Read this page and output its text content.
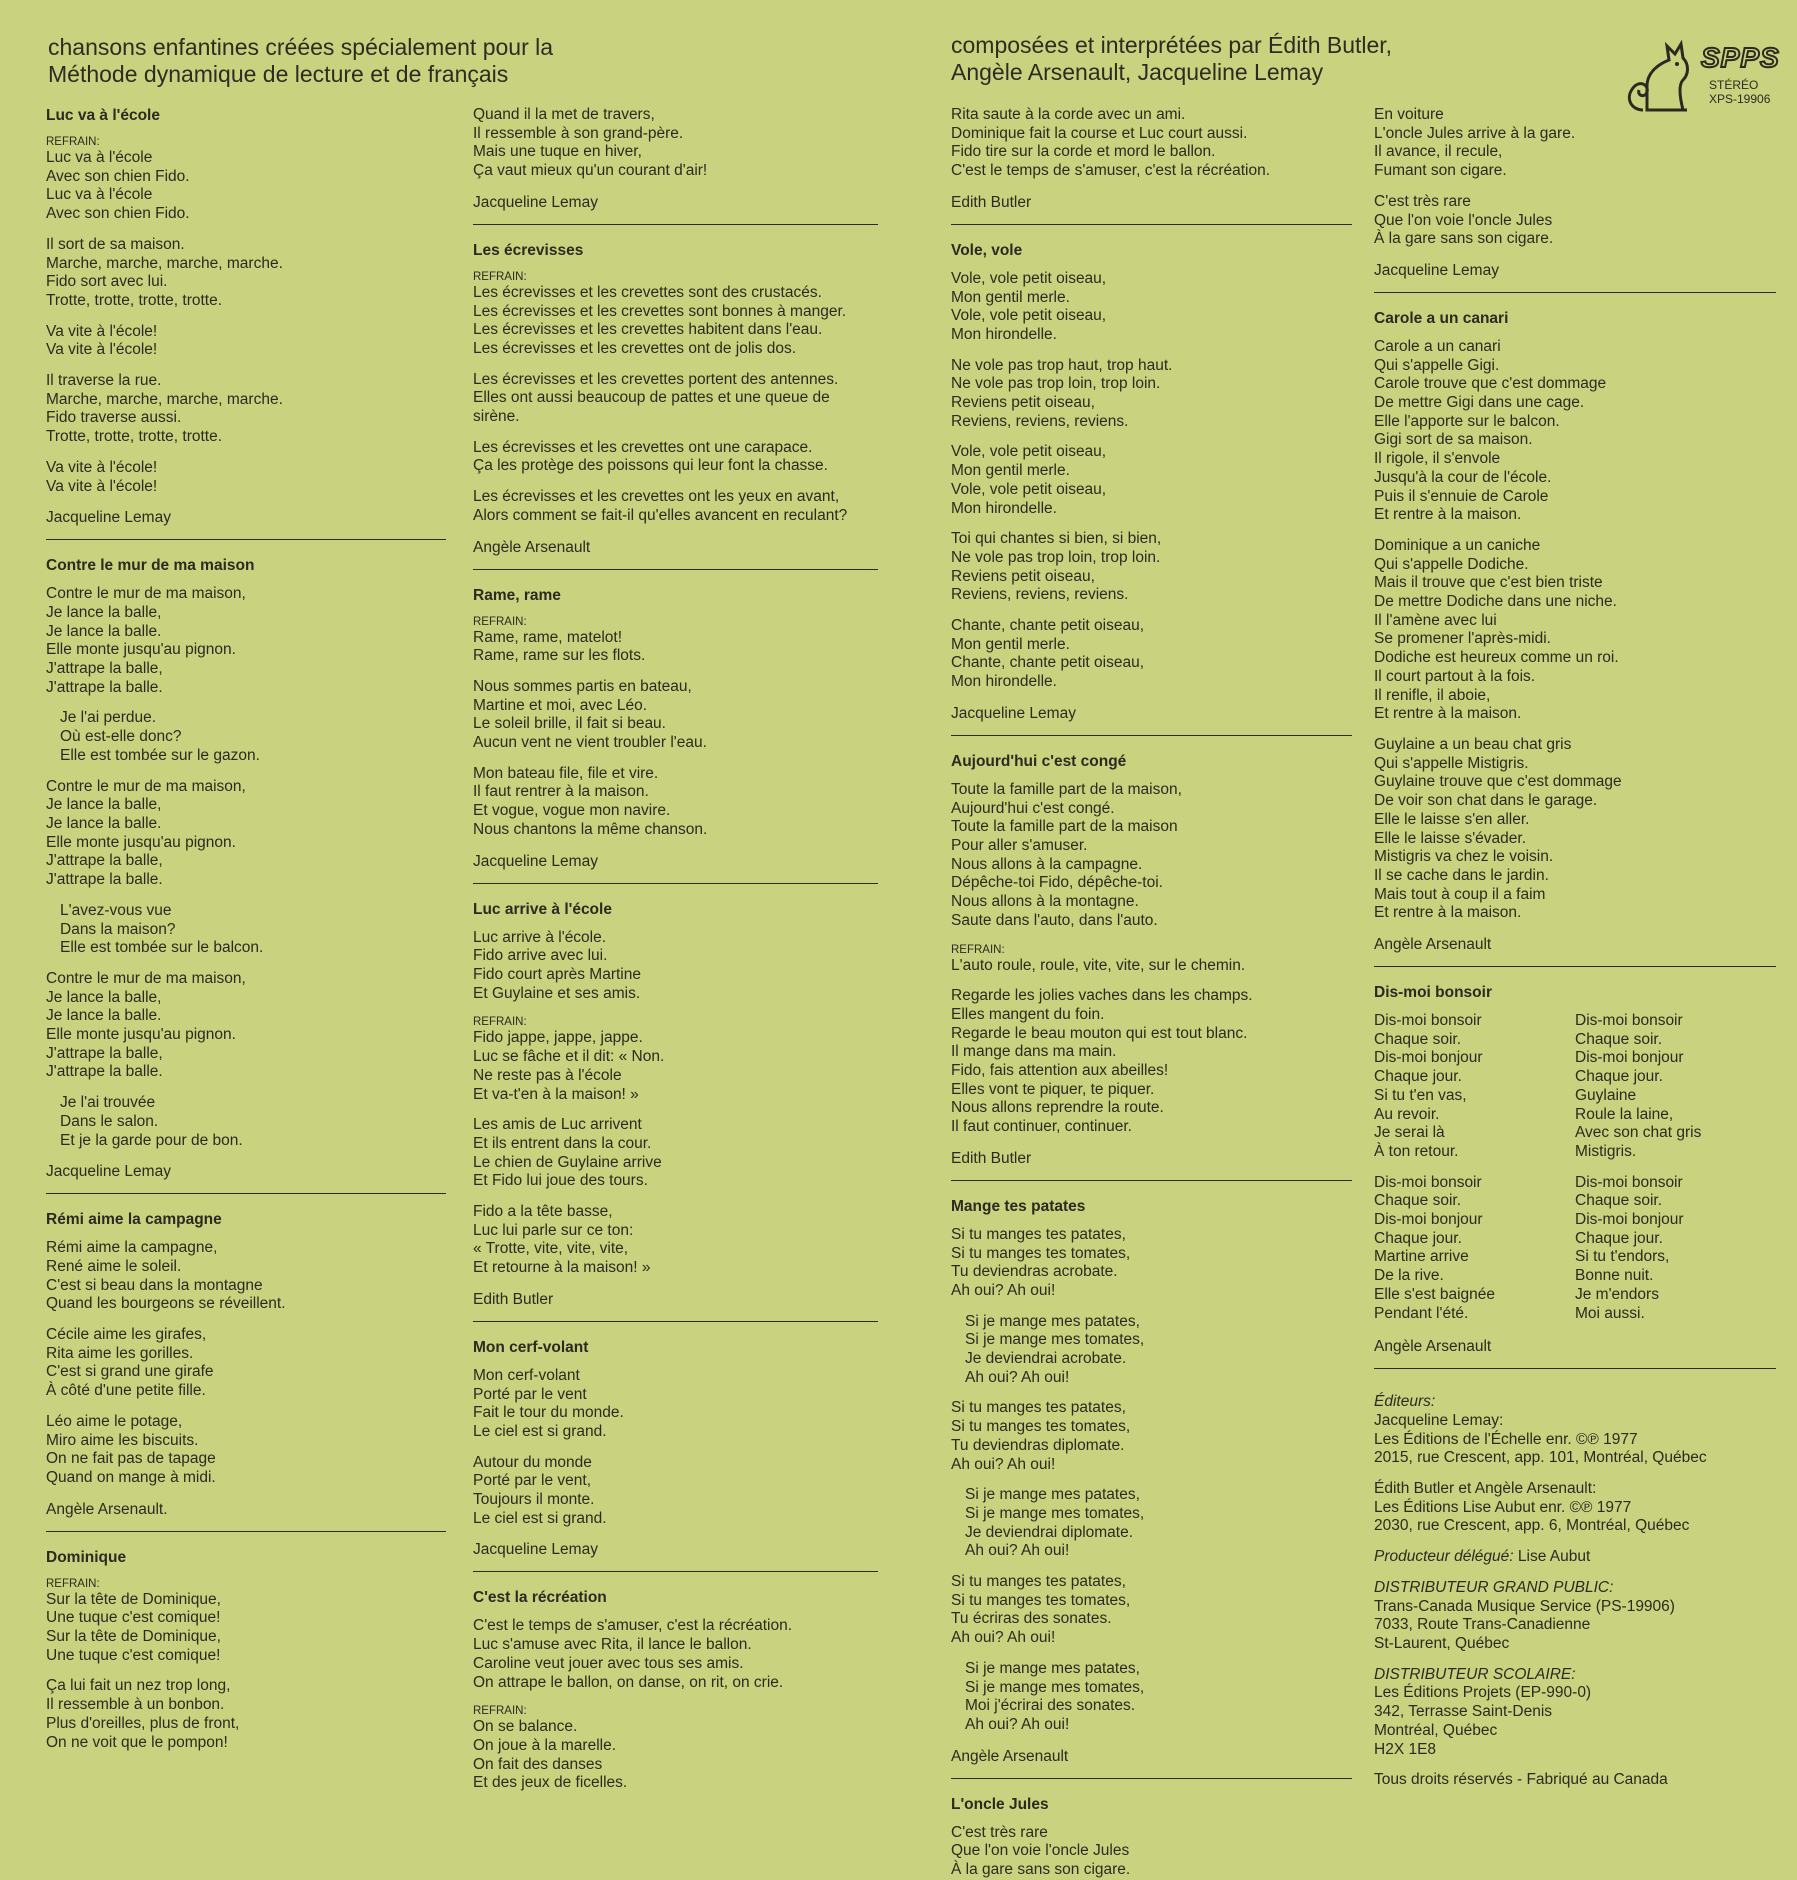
chansons enfantines créées spécialement pour la
Méthode dynamique de lecture et de français
composées et interprétées par Édith Butler,
Angèle Arsenault, Jacqueline Lemay	SPPS
STÉRÉO
XPS-19906
Luc va à l'école
REFRAIN:
Luc va à l'école
Avec son chien Fido.
Luc va à l'école
Avec son chien Fido.
Il sort de sa maison.
Marche, marche, marche, marche.
Fido sort avec lui.
Trotte, trotte, trotte, trotte.
Va vite à l'école!
Va vite à l'école!
Il traverse la rue.
Marche, marche, marche, marche.
Fido traverse aussi.
Trotte, trotte, trotte, trotte.
Va vite à l'école!
Va vite à l'école!
Jacqueline Lemay
Contre le mur de ma maison
Contre le mur de ma maison,
Je lance la balle,
Je lance la balle.
Elle monte jusqu'au pignon.
J'attrape la balle,
J'attrape la balle.
Je l'ai perdue.
Où est-elle donc?
Elle est tombée sur le gazon.
Contre le mur de ma maison,
Je lance la balle,
Je lance la balle.
Elle monte jusqu'au pignon.
J'attrape la balle,
J'attrape la balle.
L'avez-vous vue
Dans la maison?
Elle est tombée sur le balcon.
Contre le mur de ma maison,
Je lance la balle,
Je lance la balle.
Elle monte jusqu'au pignon.
J'attrape la balle,
J'attrape la balle.
Je l'ai trouvée
Dans le salon.
Et je la garde pour de bon.
Jacqueline Lemay
Rémi aime la campagne
Rémi aime la campagne,
René aime le soleil.
C'est si beau dans la montagne
Quand les bourgeons se réveillent.
Cécile aime les girafes,
Rita aime les gorilles.
C'est si grand une girafe
À côté d'une petite fille.
Léo aime le potage,
Miro aime les biscuits.
On ne fait pas de tapage
Quand on mange à midi.
Angèle Arsenault.
Dominique
REFRAIN:
Sur la tête de Dominique,
Une tuque c'est comique!
Sur la tête de Dominique,
Une tuque c'est comique!
Ça lui fait un nez trop long,
Il ressemble à un bonbon.
Plus d'oreilles, plus de front,
On ne voit que le pompon!
Quand il la met de travers,
Il ressemble à son grand-père.
Mais une tuque en hiver,
Ça vaut mieux qu'un courant d'air!
Jacqueline Lemay
Les écrevisses
REFRAIN:
Les écrevisses et les crevettes sont des crustacés.
Les écrevisses et les crevettes sont bonnes à manger.
Les écrevisses et les crevettes habitent dans l'eau.
Les écrevisses et les crevettes ont de jolis dos.
Les écrevisses et les crevettes portent des antennes.
Elles ont aussi beaucoup de pattes et une queue de
sirène.
Les écrevisses et les crevettes ont une carapace.
Ça les protège des poissons qui leur font la chasse.
Les écrevisses et les crevettes ont les yeux en avant,
Alors comment se fait-il qu'elles avancent en reculant?
Angèle Arsenault
Rame, rame
REFRAIN:
Rame, rame, matelot!
Rame, rame sur les flots.
Nous sommes partis en bateau,
Martine et moi, avec Léo.
Le soleil brille, il fait si beau.
Aucun vent ne vient troubler l'eau.
Mon bateau file, file et vire.
Il faut rentrer à la maison.
Et vogue, vogue mon navire.
Nous chantons la même chanson.
Jacqueline Lemay
Luc arrive à l'école
Luc arrive à l'école.
Fido arrive avec lui.
Fido court après Martine
Et Guylaine et ses amis.
REFRAIN:
Fido jappe, jappe, jappe.
Luc se fâche et il dit: « Non.
Ne reste pas à l'école
Et va-t'en à la maison! »
Les amis de Luc arrivent
Et ils entrent dans la cour.
Le chien de Guylaine arrive
Et Fido lui joue des tours.
Fido a la tête basse,
Luc lui parle sur ce ton:
« Trotte, vite, vite, vite,
Et retourne à la maison! »
Edith Butler
Mon cerf-volant
Mon cerf-volant
Porté par le vent
Fait le tour du monde.
Le ciel est si grand.
Autour du monde
Porté par le vent,
Toujours il monte.
Le ciel est si grand.
Jacqueline Lemay
C'est la récréation
C'est le temps de s'amuser, c'est la récréation.
Luc s'amuse avec Rita, il lance le ballon.
Caroline veut jouer avec tous ses amis.
On attrape le ballon, on danse, on rit, on crie.
REFRAIN:
On se balance.
On joue à la marelle.
On fait des danses
Et des jeux de ficelles.
Rita saute à la corde avec un ami.
Dominique fait la course et Luc court aussi.
Fido tire sur la corde et mord le ballon.
C'est le temps de s'amuser, c'est la récréation.
Edith Butler
Vole, vole
Vole, vole petit oiseau,
Mon gentil merle.
Vole, vole petit oiseau,
Mon hirondelle.
Ne vole pas trop haut, trop haut.
Ne vole pas trop loin, trop loin.
Reviens petit oiseau,
Reviens, reviens, reviens.
Vole, vole petit oiseau,
Mon gentil merle.
Vole, vole petit oiseau,
Mon hirondelle.
Toi qui chantes si bien, si bien,
Ne vole pas trop loin, trop loin.
Reviens petit oiseau,
Reviens, reviens, reviens.
Chante, chante petit oiseau,
Mon gentil merle.
Chante, chante petit oiseau,
Mon hirondelle.
Jacqueline Lemay
Aujourd'hui c'est congé
Toute la famille part de la maison,
Aujourd'hui c'est congé.
Toute la famille part de la maison
Pour aller s'amuser.
Nous allons à la campagne.
Dépêche-toi Fido, dépêche-toi.
Nous allons à la montagne.
Saute dans l'auto, dans l'auto.
REFRAIN:
L'auto roule, roule, vite, vite, sur le chemin.
Regarde les jolies vaches dans les champs.
Elles mangent du foin.
Regarde le beau mouton qui est tout blanc.
Il mange dans ma main.
Fido, fais attention aux abeilles!
Elles vont te piquer, te piquer.
Nous allons reprendre la route.
Il faut continuer, continuer.
Edith Butler
Mange tes patates
Si tu manges tes patates,
Si tu manges tes tomates,
Tu deviendras acrobate.
Ah oui? Ah oui!
Si je mange mes patates,
Si je mange mes tomates,
Je deviendrai acrobate.
Ah oui? Ah oui!
Si tu manges tes patates,
Si tu manges tes tomates,
Tu deviendras diplomate.
Ah oui? Ah oui!
Si je mange mes patates,
Si je mange mes tomates,
Je deviendrai diplomate.
Ah oui? Ah oui!
Si tu manges tes patates,
Si tu manges tes tomates,
Tu écriras des sonates.
Ah oui? Ah oui!
Si je mange mes patates,
Si je mange mes tomates,
Moi j'écrirai des sonates.
Ah oui? Ah oui!
Angèle Arsenault
L'oncle Jules
C'est très rare
Que l'on voie l'oncle Jules
À la gare sans son cigare.
En voiture
L'oncle Jules arrive à la gare.
Il avance, il recule,
Fumant son cigare.
C'est très rare
Que l'on voie l'oncle Jules
À la gare sans son cigare.
Jacqueline Lemay
Carole a un canari
Carole a un canari
Qui s'appelle Gigi.
Carole trouve que c'est dommage
De mettre Gigi dans une cage.
Elle l'apporte sur le balcon.
Gigi sort de sa maison.
Il rigole, il s'envole
Jusqu'à la cour de l'école.
Puis il s'ennuie de Carole
Et rentre à la maison.
Dominique a un caniche
Qui s'appelle Dodiche.
Mais il trouve que c'est bien triste
De mettre Dodiche dans une niche.
Il l'amène avec lui
Se promener l'après-midi.
Dodiche est heureux comme un roi.
Il court partout à la fois.
Il renifle, il aboie,
Et rentre à la maison.
Guylaine a un beau chat gris
Qui s'appelle Mistigris.
Guylaine trouve que c'est dommage
De voir son chat dans le garage.
Elle le laisse s'en aller.
Elle le laisse s'évader.
Mistigris va chez le voisin.
Il se cache dans le jardin.
Mais tout à coup il a faim
Et rentre à la maison.
Angèle Arsenault
Dis-moi bonsoir
Dis-moi bonsoir
Chaque soir.
Dis-moi bonjour
Chaque jour.
Si tu t'en vas,
Au revoir.
Je serai là
À ton retour.
Dis-moi bonsoir
Chaque soir.
Dis-moi bonjour
Chaque jour.
Guylaine
Roule la laine,
Avec son chat gris
Mistigris.
Dis-moi bonsoir
Chaque soir.
Dis-moi bonjour
Chaque jour.
Martine arrive
De la rive.
Elle s'est baignée
Pendant l'été.
Dis-moi bonsoir
Chaque soir.
Dis-moi bonjour
Chaque jour.
Si tu t'endors,
Bonne nuit.
Je m'endors
Moi aussi.
Angèle Arsenault
Éditeurs:
Jacqueline Lemay:
Les Éditions de l'Échelle enr. ©℗ 1977
2015, rue Crescent, app. 101, Montréal, Québec
Édith Butler et Angèle Arsenault:
Les Éditions Lise Aubut enr. ©℗ 1977
2030, rue Crescent, app. 6, Montréal, Québec
Producteur délégué: Lise Aubut
DISTRIBUTEUR GRAND PUBLIC:
Trans-Canada Musique Service (PS-19906)
7033, Route Trans-Canadienne
St-Laurent, Québec
DISTRIBUTEUR SCOLAIRE:
Les Éditions Projets (EP-990-0)
342, Terrasse Saint-Denis
Montréal, Québec
H2X 1E8
Tous droits réservés - Fabriqué au Canada
